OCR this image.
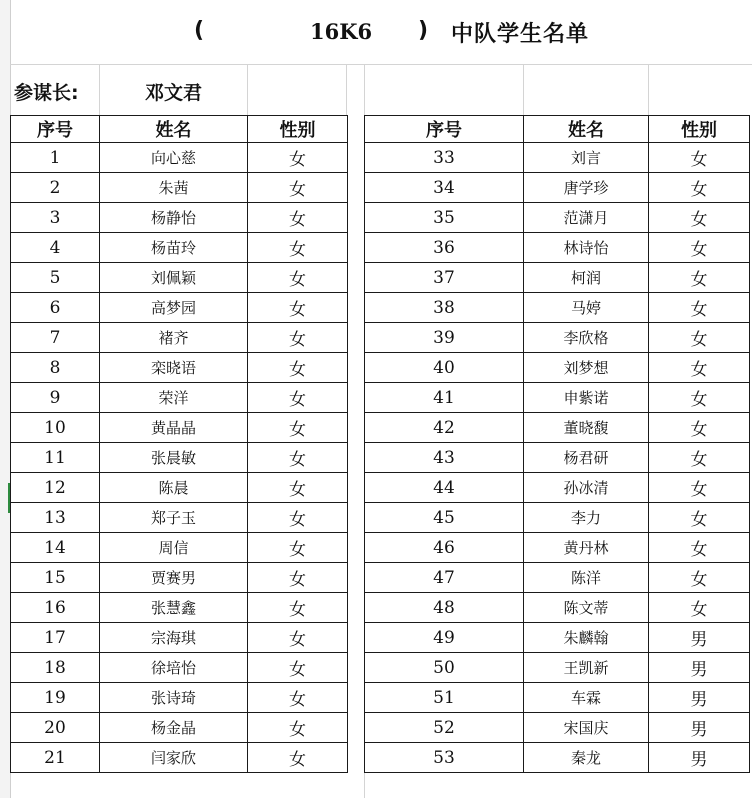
(	16K6 ) 中队学生名单
参谋长:	邓文君
序号	姓名	性别
1	向心慈	女
2	朱茜	女
3	杨静怡	女
4	杨苗玲	女
5	刘佩颖	女
6	高梦园	女
7	褚齐	女
8	栾晓语	女
9	荣洋	女
10	黄晶晶	女
11	张晨敏	女
12	陈晨	女
13	郑子玉	女
14	周信	女
15	贾赛男	女
16	张慧鑫	女
17	宗海琪	女
18	徐培怡	女
19	张诗琦	女
20	杨金晶	女
21	闫家欣	女
序号	姓名	性别
33	刘言	女
34	唐学珍	女
35	范潇月	女
36	林诗怡	女
37	柯润	女
38	马婷	女
39	李欣格	女
40	刘梦想	女
41	申紫诺	女
42	董晓馥	女
43	杨君研	女
44	孙冰清	女
45	李力	女
46	黄丹林	女
47	陈洋	女
48	陈文蒂	女
49	朱麟翰	男
50	王凯新	男
51	车霖	男
52	宋国庆	男
53	秦龙	男
